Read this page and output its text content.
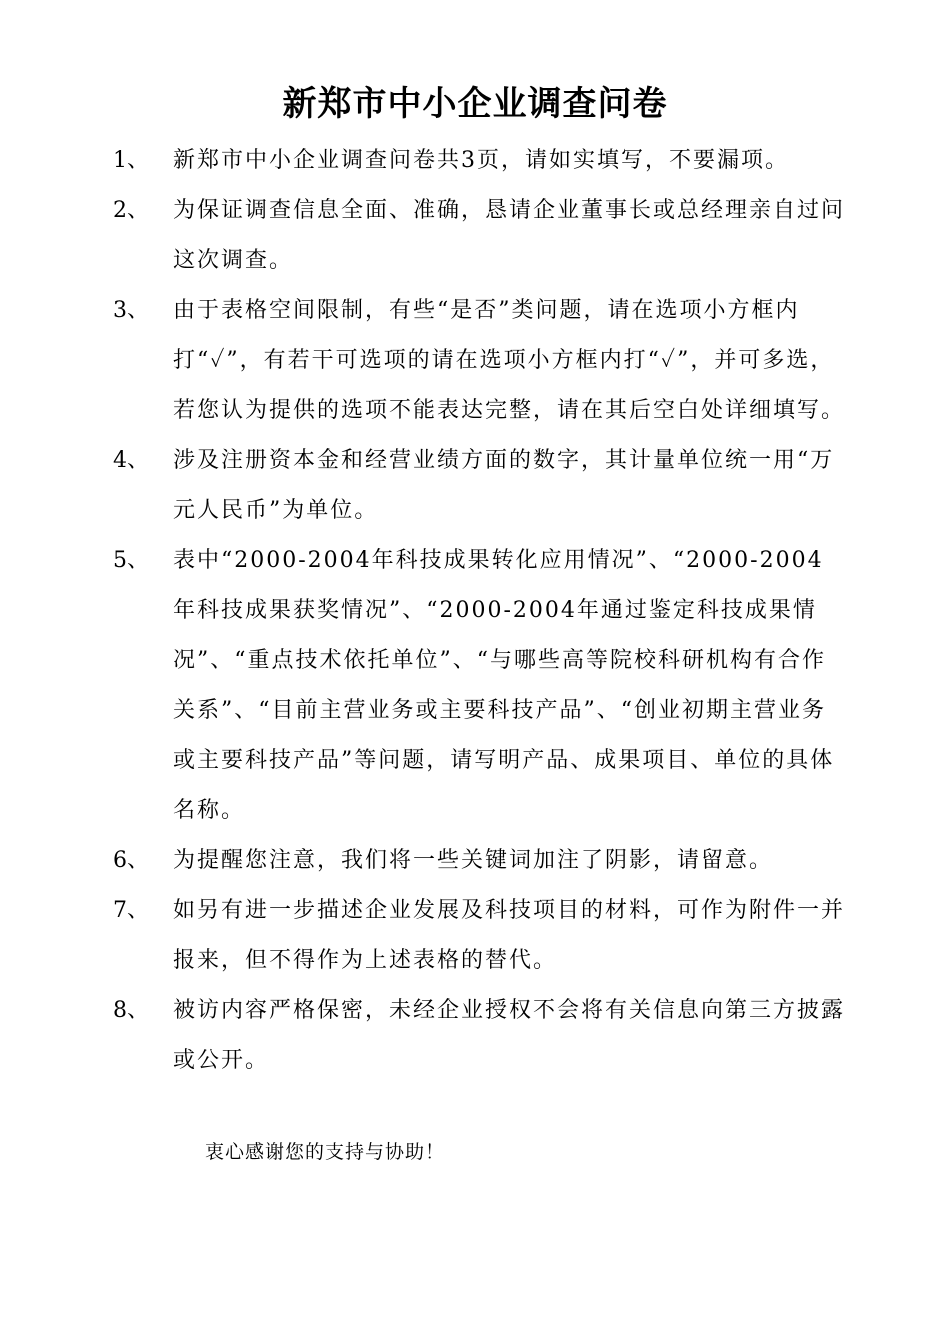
新郑市中小企业调查问卷
1、 新郑市中小企业调查问卷共3页，请如实填写，不要漏项。
2、 为保证调查信息全面、准确，恳请企业董事长或总经理亲自过问这次调查。
3、 由于表格空间限制，有些“是否”类问题，请在选项小方框内打“✓”，有若干可选项的请在选项小方框内打“✓”，并可多选，若您认为提供的选项不能表达完整，请在其后空白处详细填写。
4、 涉及注册资本金和经营业绩方面的数字，其计量单位统一用“万元人民币”为单位。
5、 表中“2000-2004年科技成果转化应用情况”、“2000-2004年科技成果获奖情况”、“2000-2004年通过鉴定科技成果情况”、“重点技术依托单位”、“与哪些高等院校科研机构有合作关系”、“目前主营业务或主要科技产品”、“创业初期主营业务或主要科技产品”等问题，请写明产品、成果项目、单位的具体名称。
6、 为提醒您注意，我们将一些关键词加注了阴影，请留意。
7、 如另有进一步描述企业发展及科技项目的材料，可作为附件一并报来，但不得作为上述表格的替代。
8、 被访内容严格保密，未经企业授权不会将有关信息向第三方披露或公开。
衷心感谢您的支持与协助！
